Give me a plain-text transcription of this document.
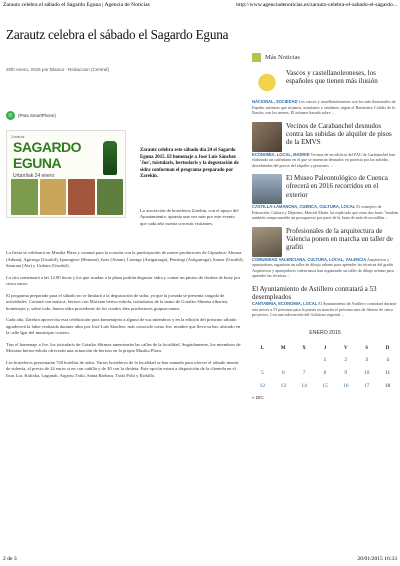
Zarautz celebra el sábado el Sagardo Eguna | Agencia de Noticias	http://www.agenciadenoticias.es/zarautz-celebra-el-sabado-el-sagardo...
Zarautz celebra el sábado el Sagardo Eguna
20th enero, 2015 por Blanca - Redaccion (Central)
✆	(Para SmartPhone)
Zarautz
SAGARDO
EGUNA
Urtarrilak 24 enero
Zarautz celebra este sábado día 24 el Sagardo Eguna 2015. El homenaje a José Luis Sánchez 'Joe', txistularis, bertsolaris y la degustación de sidra conforman el programa preparado por Zarekin.
La asociación de hosteleros Zarekin, con el apoyo del Ayuntamiento, apuesta una vez más por este evento que cada año cuenta con más visitantes.

La fiesta se celebrará en Musika Plaza y contará para la ocasión con la participación de nueve productores de Gipuzkoa: Aburua (Aduna), Agirrega (Usurbil), Iparragirre (Hernani), Isets (Ataun), Lizeaga (Astigarraga), Petritegi (Astigarraga), Saizar (Usurbil), Saturata (Aia) y Urdaira (Usurbil).

La cita comenzará a las 12.00 horas y los que acudan a la plaza podrán degustar sidra y comer un pintxo de chuleta de buey por cinco euros.

El programa preparado para el sábado no se limitará a la degustación de sidra, ya que la jornada se presenta cargada de actividades. Contará con música, bertsos con Motxian bertso-eskola, txistularias de la mano de Goiatko Shintxa elkartea, homenajes y, sobre todo, buena sidra procedente de los citados diez productores guipuzcoanos.

Cada año, Zarekin aprovecha esta celebración para homenajear a alguno de sus miembros y en la edición del próximo sábado agradecerá la labor realizada durante años por José Luis Sánchez, más conocido como Joe, nombre que lleva su bar, ubicado en la calle Igar del municipio costero.

Tras el homenaje a Joe, los txistularis de Goiatko Shintxa amenizarán las calles de la localidad. Seguidamente, los miembros de Motxian bertso-eskola ofrecerán una actuación de bertsos en la propia Musika Plaza.

Los hosteleros presentarán 720 botellas de sidra. Varios hosteleros de la localidad se han sumado para ofrecer el sábado menús de sidrería, al precio de 24 euros si en con cuñilla y de 30 con la chuleta. Este opción estará a disposición de la clientela en el Itsas Lur, Kulixka, Lagunak, Argiotu Txiki, Santa Barbara, Txiki Polit y Kirkilla.

Más Noticias
Vascos y castellanoleoneses, los españoles que tienen más ilusión
NACIONAL, SOCIEDAD Los vascos y castellanoleoneses son los más ilusionados de España, mientras que riojanos, asturianos y catalanes, según el Barómetro Cofidis de la Ilusión, son los menos. El informe basado sobre ...
Vecinos de Carabanchel desnudos contra las subidas de alquiler de pisos de la EMVS
ECONOMIA, LOCAL, MADRID Vecinos de un edificio del PAU de Carabanchel han elaborado un calendario en el que se muestran desnudos en protesta por las subidas desorbitadas del precio del alquiler y presiones ...
El Museo Paleontológico de Cuenca ofrecerá en 2016 recorridos en el exterior
CASTILLA-LAMANCHA, CUENCA, CULTURA, LOCAL El consejero de Educación, Cultura y Deportes, Marcial Marín, ha explicado que estas dos fases "tendrán también comprometido un presupuesto por parte de la Junta de más de un millón ...
Profesionales de la arquitectura de Valencia ponen en marcha un taller de grafiti
COMUNIDAD VALENCIANA, CULTURA, LOCAL, VALENCIA Arquitectos y aparejadores organizan un taller de dibujo urbano para aprender las técnicas del grafiti Arquitectos y aparejadores valencianos han organizado un taller de dibujo urbano para aprender las técnicas ...
El Ayuntamiento de Astillero contratará a 53 desempleados
CANTABRIA, ECONOMIA, LOCAL El Ayuntamiento de Astillero contratará durante seis meses a 53 personas para la puesta en marcha el próximo mes de febrero de cinco proyectos. Con una subvención del Gobierno regional ...
ENERO 2015
L	M	X	J	V	S	D
			1	2	3	4
5	6	7	8	9	10	11
12	13	14	15	16	17	18
« DIC
2 de 3	20/01/2015 16:33
